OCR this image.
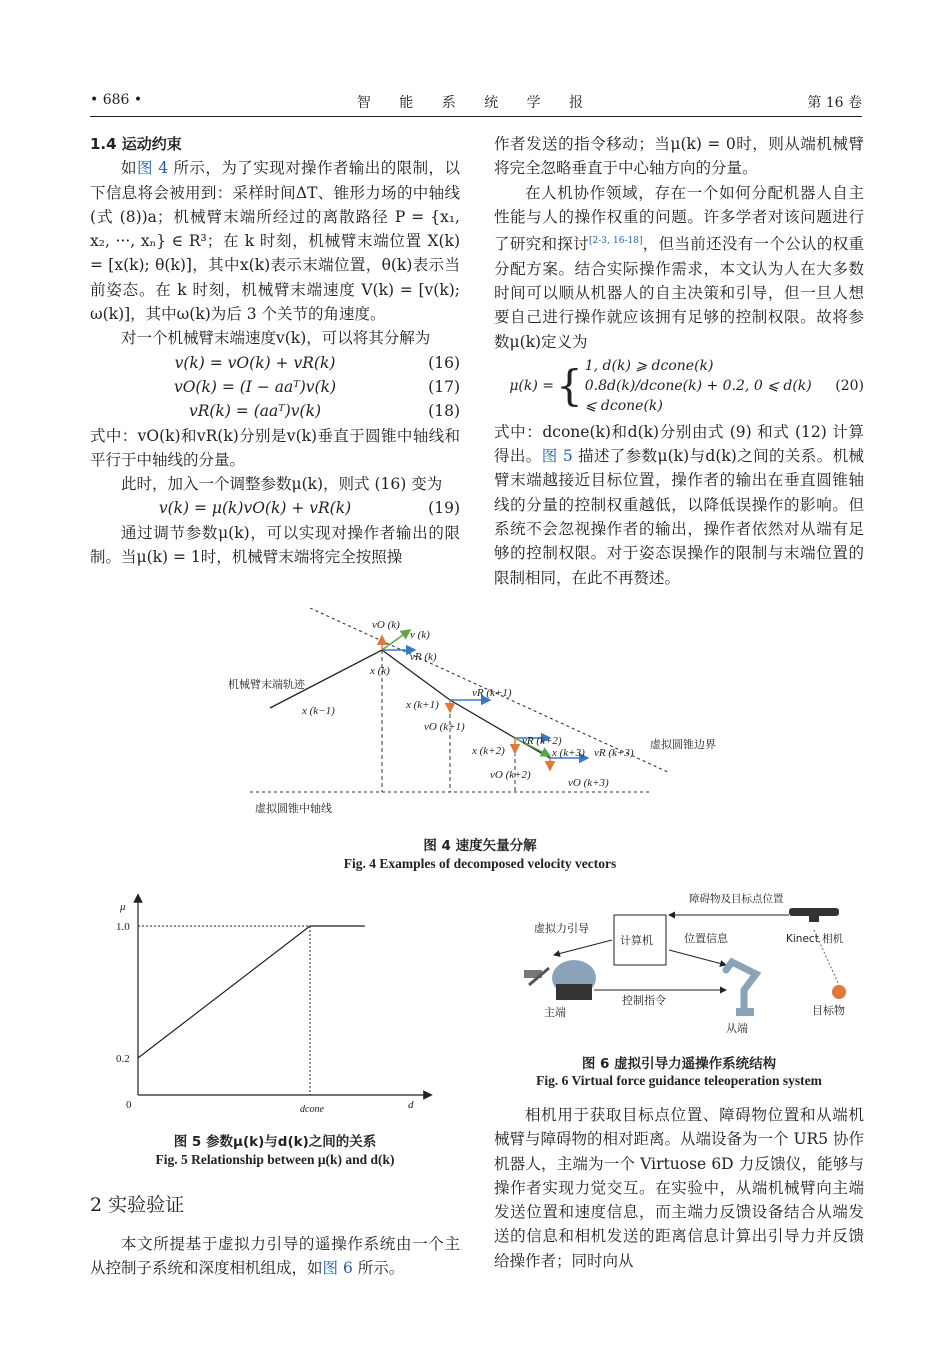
• 686 •	智 能 系 统 学 报	第 16 卷

1.4 运动约束

如图 4 所示，为了实现对操作者输出的限制，以下信息将会被用到：采样时间ΔT、锥形力场的中轴线 (式 (8))a；机械臂末端所经过的离散路径 P = {x₁, x₂, ···, xₙ} ∈ R³；在 k 时刻，机械臂末端位置 X(k) = [x(k); θ(k)]，其中x(k)表示末端位置，θ(k)表示当前姿态。在 k 时刻，机械臂末端速度 V(k) = [v(k); ω(k)]，其中ω(k)为后 3 个关节的角速度。

对一个机械臂末端速度v(k)，可以将其分解为

v(k) = vO(k) + vR(k)	(16)
vO(k) = (I − aaᵀ)v(k)	(17)
vR(k) = (aaᵀ)v(k)	(18)

式中：vO(k)和vR(k)分别是v(k)垂直于圆锥中轴线和平行于中轴线的分量。

此时，加入一个调整参数μ(k)，则式 (16) 变为

v(k) = μ(k)vO(k) + vR(k)	(19)

通过调节参数μ(k)，可以实现对操作者输出的限制。当μ(k) = 1时，机械臂末端将完全按照操

作者发送的指令移动；当μ(k) = 0时，则从端机械臂将完全忽略垂直于中心轴方向的分量。

在人机协作领域，存在一个如何分配机器人自主性能与人的操作权重的问题。许多学者对该问题进行了研究和探讨[2-3, 16-18]，但当前还没有一个公认的权重分配方案。结合实际操作需求，本文认为人在大多数时间可以顺从机器人的自主决策和引导，但一旦人想要自己进行操作就应该拥有足够的控制权限。故将参数μ(k)定义为

μ(k) = { 1, d(k) ⩾ dcone(k)
0.8d(k)/dcone(k) + 0.2, 0 ⩽ d(k) ⩽ dcone(k)
(20)

式中：dcone(k)和d(k)分别由式 (9) 和式 (12) 计算得出。图 5 描述了参数μ(k)与d(k)之间的关系。机械臂末端越接近目标位置，操作者的输出在垂直圆锥轴线的分量的控制权重越低，以降低误操作的影响。但系统不会忽视操作者的输出，操作者依然对从端有足够的控制权限。对于姿态误操作的限制与末端位置的限制相同，在此不再赘述。

x (k−1)
x (k)
v (k)
vO (k)
vR (k)
x (k+1)
vR (k+1)
vO (k+1)
x (k+2)
vR (k+2)
vO (k+2)
x (k+3) vR (k+3)
vO (k+3)
机械臂末端轨迹
虚拟圆锥边界
虚拟圆锥中轴线
图 4 速度矢量分解
Fig. 4 Examples of decomposed velocity vectors
μ
1.0
0.2
0	dcone	d
图 5 参数μ(k)与d(k)之间的关系
Fig. 5 Relationship between μ(k) and d(k)
虚拟力引导
计算机
障碍物及目标点位置
位置信息	Kinect 相机
控制指令
主端
从端
目标物
图 6 虚拟引导力遥操作系统结构
Fig. 6 Virtual force guidance teleoperation system
2 实验验证

本文所提基于虚拟力引导的遥操作系统由一个主从控制子系统和深度相机组成，如图 6 所示。

相机用于获取目标点位置、障碍物位置和从端机械臂与障碍物的相对距离。从端设备为一个 UR5 协作机器人，主端为一个 Virtuose 6D 力反馈仪，能够与操作者实现力觉交互。在实验中，从端机械臂向主端发送位置和速度信息，而主端力反馈设备结合从端发送的信息和相机发送的距离信息计算出引导力并反馈给操作者；同时向从
